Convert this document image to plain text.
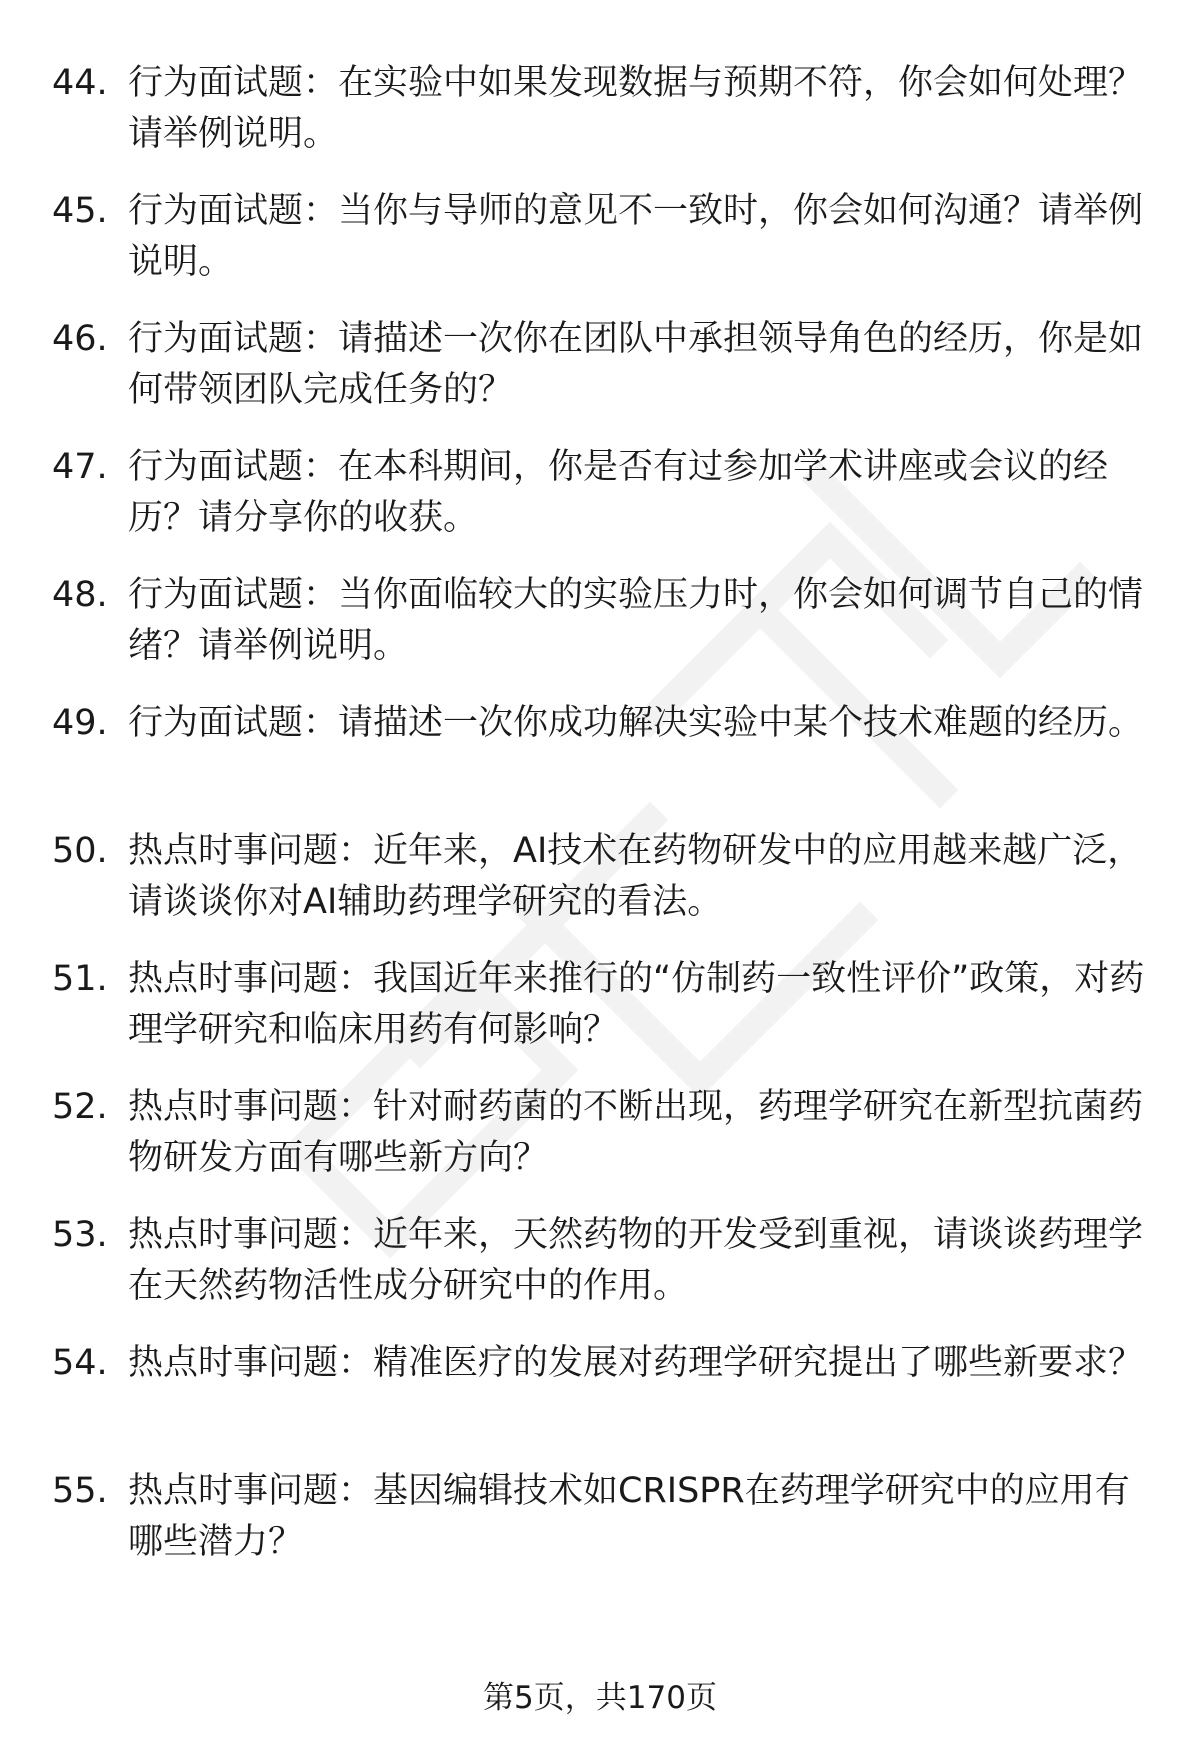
44. 行为面试题：在实验中如果发现数据与预期不符，你会如何处理？请举例说明。
45. 行为面试题：当你与导师的意见不一致时，你会如何沟通？请举例说明。
46. 行为面试题：请描述一次你在团队中承担领导角色的经历，你是如何带领团队完成任务的？
47. 行为面试题：在本科期间，你是否有过参加学术讲座或会议的经历？请分享你的收获。
48. 行为面试题：当你面临较大的实验压力时，你会如何调节自己的情绪？请举例说明。
49. 行为面试题：请描述一次你成功解决实验中某个技术难题的经历。
50. 热点时事问题：近年来，AI技术在药物研发中的应用越来越广泛，请谈谈你对AI辅助药理学研究的看法。
51. 热点时事问题：我国近年来推行的“仿制药一致性评价”政策，对药理学研究和临床用药有何影响？
52. 热点时事问题：针对耐药菌的不断出现，药理学研究在新型抗菌药物研发方面有哪些新方向？
53. 热点时事问题：近年来，天然药物的开发受到重视，请谈谈药理学在天然药物活性成分研究中的作用。
54. 热点时事问题：精准医疗的发展对药理学研究提出了哪些新要求？
55. 热点时事问题：基因编辑技术如CRISPR在药理学研究中的应用有哪些潜力？
第5页，共170页
